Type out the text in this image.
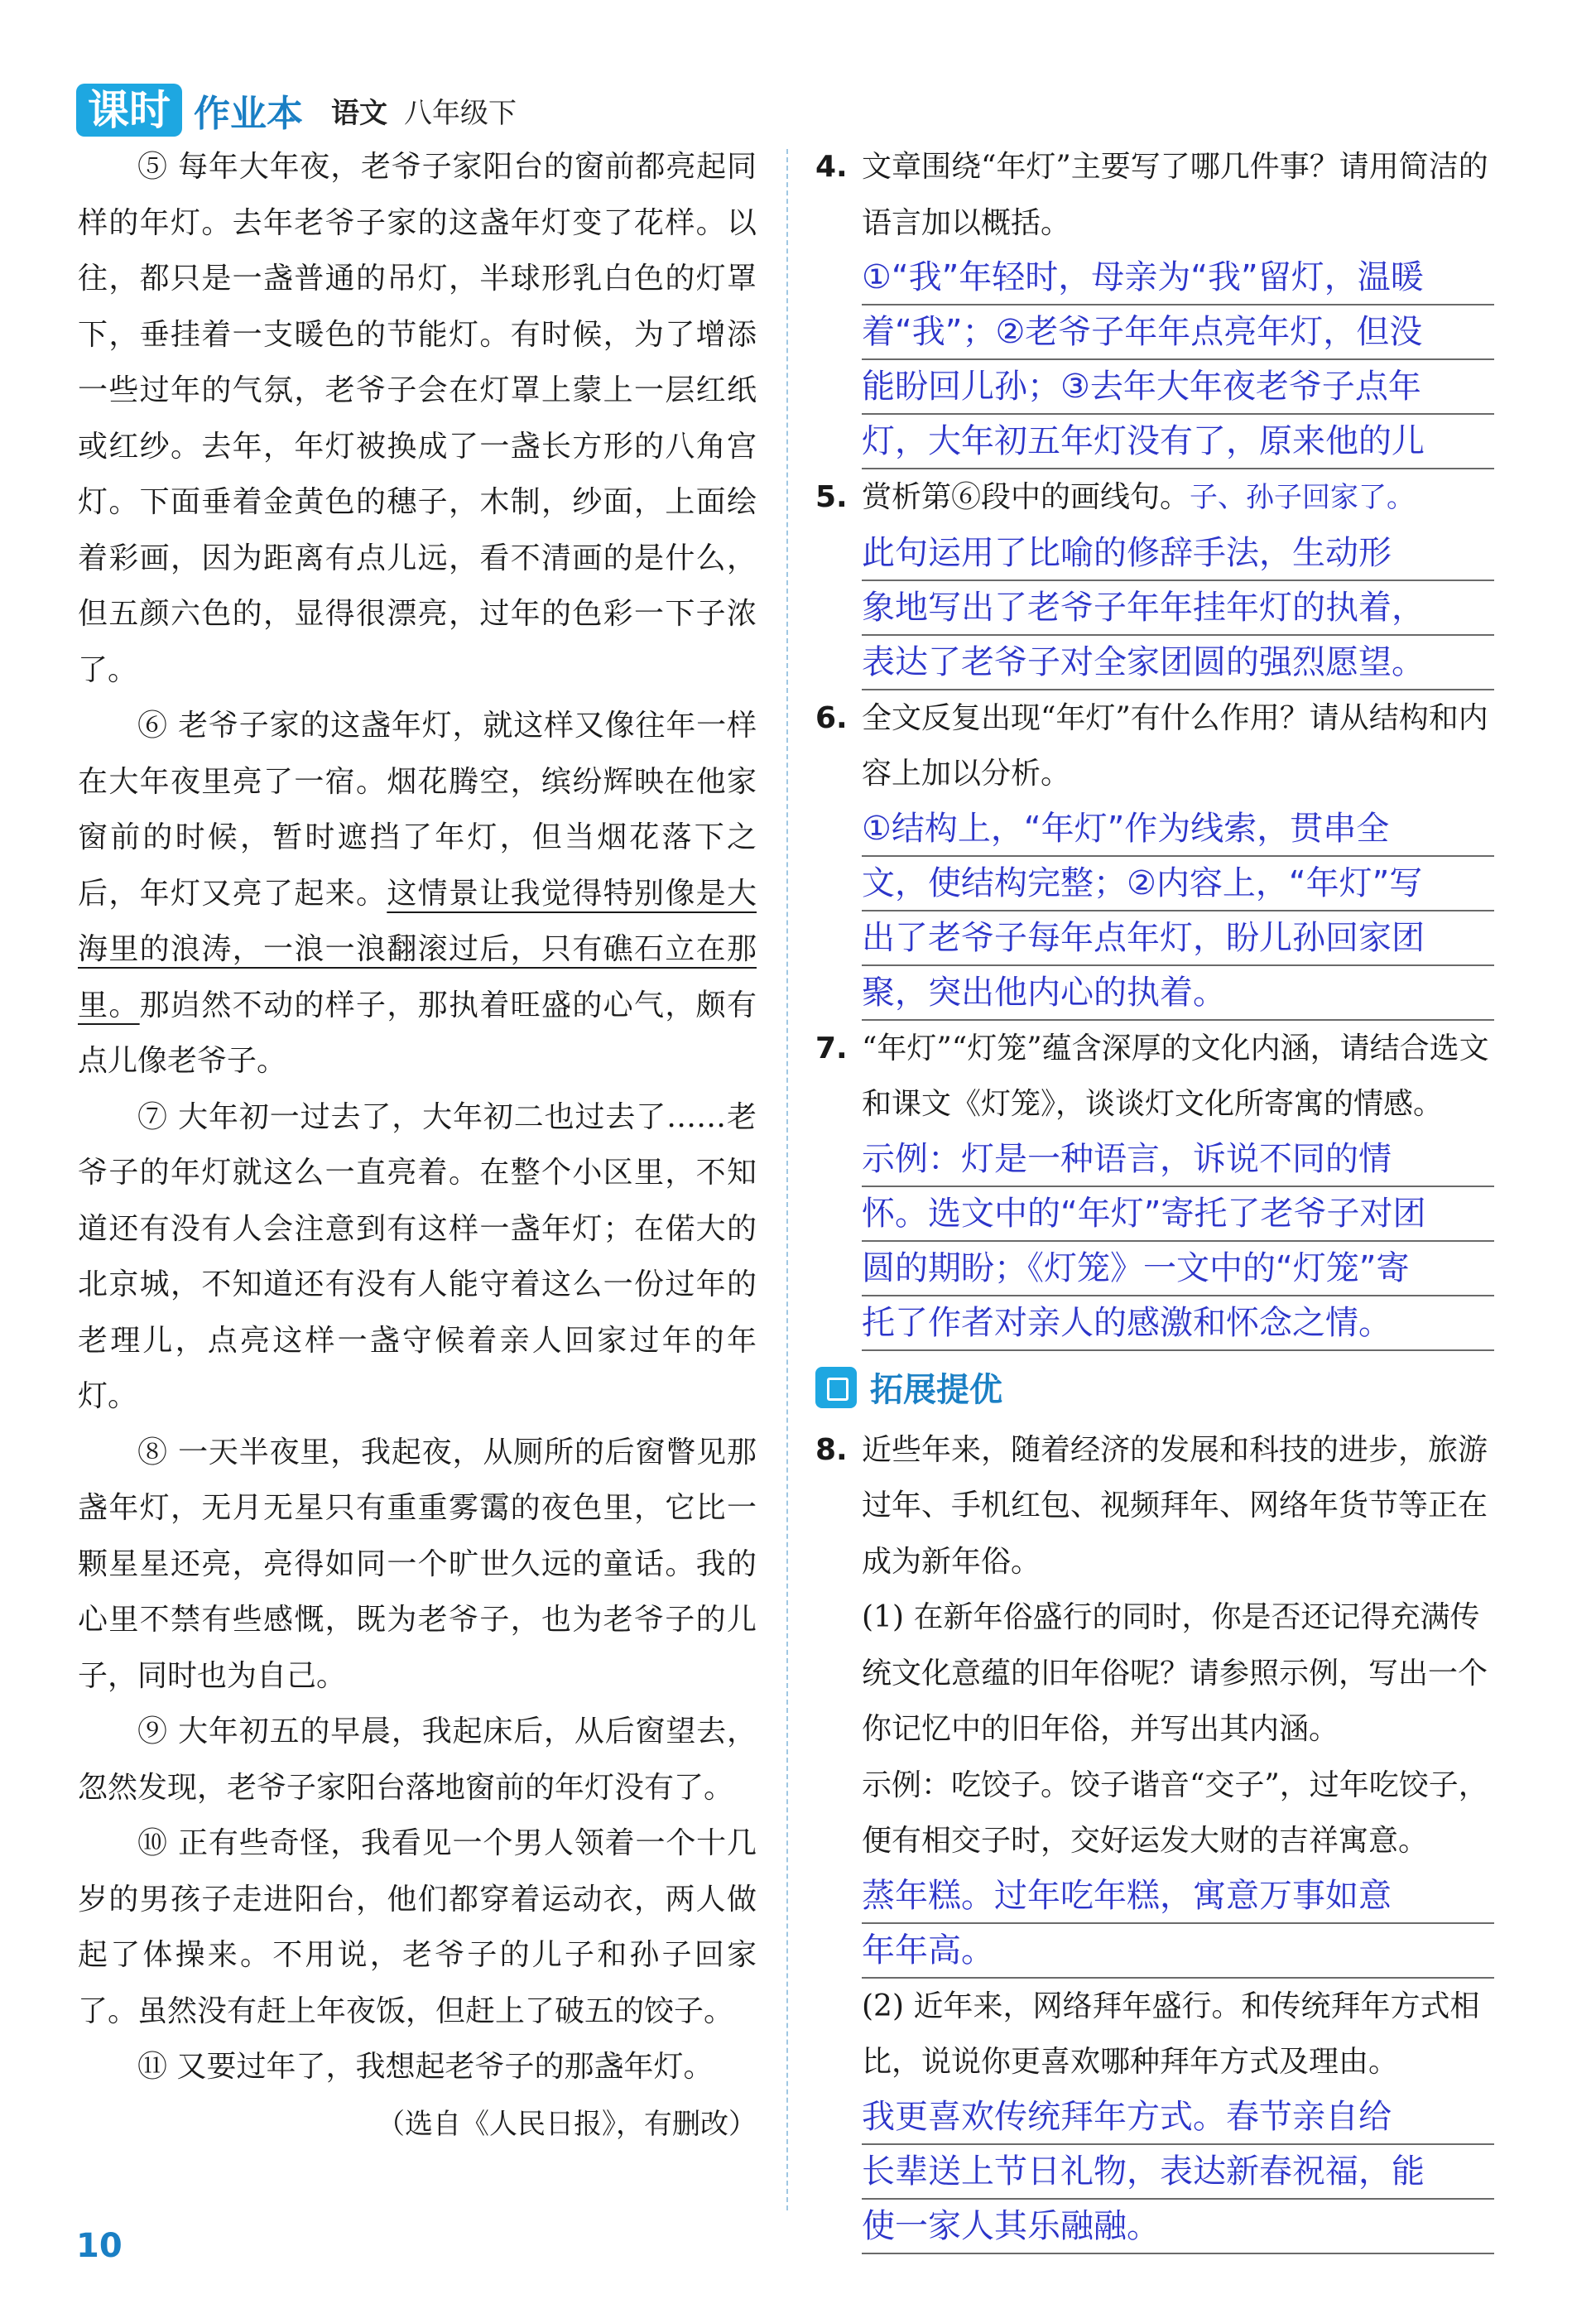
课时 作业本 语文 八年级下

⑤ 每年大年夜，老爷子家阳台的窗前都亮起同样的年灯。去年老爷子家的这盏年灯变了花样。以往，都只是一盏普通的吊灯，半球形乳白色的灯罩下，垂挂着一支暖色的节能灯。有时候，为了增添一些过年的气氛，老爷子会在灯罩上蒙上一层红纸或红纱。去年，年灯被换成了一盏长方形的八角宫灯。下面垂着金黄色的穗子，木制，纱面，上面绘着彩画，因为距离有点儿远，看不清画的是什么，但五颜六色的，显得很漂亮，过年的色彩一下子浓了。

⑥ 老爷子家的这盏年灯，就这样又像往年一样在大年夜里亮了一宿。烟花腾空，缤纷辉映在他家窗前的时候，暂时遮挡了年灯，但当烟花落下之后，年灯又亮了起来。这情景让我觉得特别像是大海里的浪涛，一浪一浪翻滚过后，只有礁石立在那里。那岿然不动的样子，那执着旺盛的心气，颇有点儿像老爷子。

⑦ 大年初一过去了，大年初二也过去了……老爷子的年灯就这么一直亮着。在整个小区里，不知道还有没有人会注意到有这样一盏年灯；在偌大的北京城，不知道还有没有人能守着这么一份过年的老理儿，点亮这样一盏守候着亲人回家过年的年灯。

⑧ 一天半夜里，我起夜，从厕所的后窗瞥见那盏年灯，无月无星只有重重雾霭的夜色里，它比一颗星星还亮，亮得如同一个旷世久远的童话。我的心里不禁有些感慨，既为老爷子，也为老爷子的儿子，同时也为自己。

⑨ 大年初五的早晨，我起床后，从后窗望去，忽然发现，老爷子家阳台落地窗前的年灯没有了。

⑩ 正有些奇怪，我看见一个男人领着一个十几岁的男孩子走进阳台，他们都穿着运动衣，两人做起了体操来。不用说，老爷子的儿子和孙子回家了。虽然没有赶上年夜饭，但赶上了破五的饺子。

⑪ 又要过年了，我想起老爷子的那盏年灯。

（选自《人民日报》，有删改）

4. 文章围绕“年灯”主要写了哪几件事？请用简洁的语言加以概括。

①“我”年轻时，母亲为“我”留灯，温暖
着“我”；②老爷子年年点亮年灯，但没
能盼回儿孙；③去年大年夜老爷子点年
灯，大年初五年灯没有了，原来他的儿

5. 赏析第⑥段中的画线句。子、孙子回家了。

此句运用了比喻的修辞手法，生动形
象地写出了老爷子年年挂年灯的执着，
表达了老爷子对全家团圆的强烈愿望。

6. 全文反复出现“年灯”有什么作用？请从结构和内容上加以分析。

①结构上，“年灯”作为线索，贯串全
文，使结构完整；②内容上，“年灯”写
出了老爷子每年点年灯，盼儿孙回家团
聚，突出他内心的执着。

7. “年灯”“灯笼”蕴含深厚的文化内涵，请结合选文和课文《灯笼》，谈谈灯文化所寄寓的情感。

示例：灯是一种语言，诉说不同的情
怀。选文中的“年灯”寄托了老爷子对团
圆的期盼；《灯笼》一文中的“灯笼”寄
托了作者对亲人的感激和怀念之情。
拓展提优

8. 近些年来，随着经济的发展和科技的进步，旅游过年、手机红包、视频拜年、网络年货节等正在成为新年俗。

(1) 在新年俗盛行的同时，你是否还记得充满传统文化意蕴的旧年俗呢？请参照示例，写出一个你记忆中的旧年俗，并写出其内涵。

示例：吃饺子。饺子谐音“交子”，过年吃饺子，便有相交子时，交好运发大财的吉祥寓意。

蒸年糕。过年吃年糕，寓意万事如意
年年高。

(2) 近年来，网络拜年盛行。和传统拜年方式相比，说说你更喜欢哪种拜年方式及理由。

我更喜欢传统拜年方式。春节亲自给
长辈送上节日礼物，表达新春祝福，能
使一家人其乐融融。
10
